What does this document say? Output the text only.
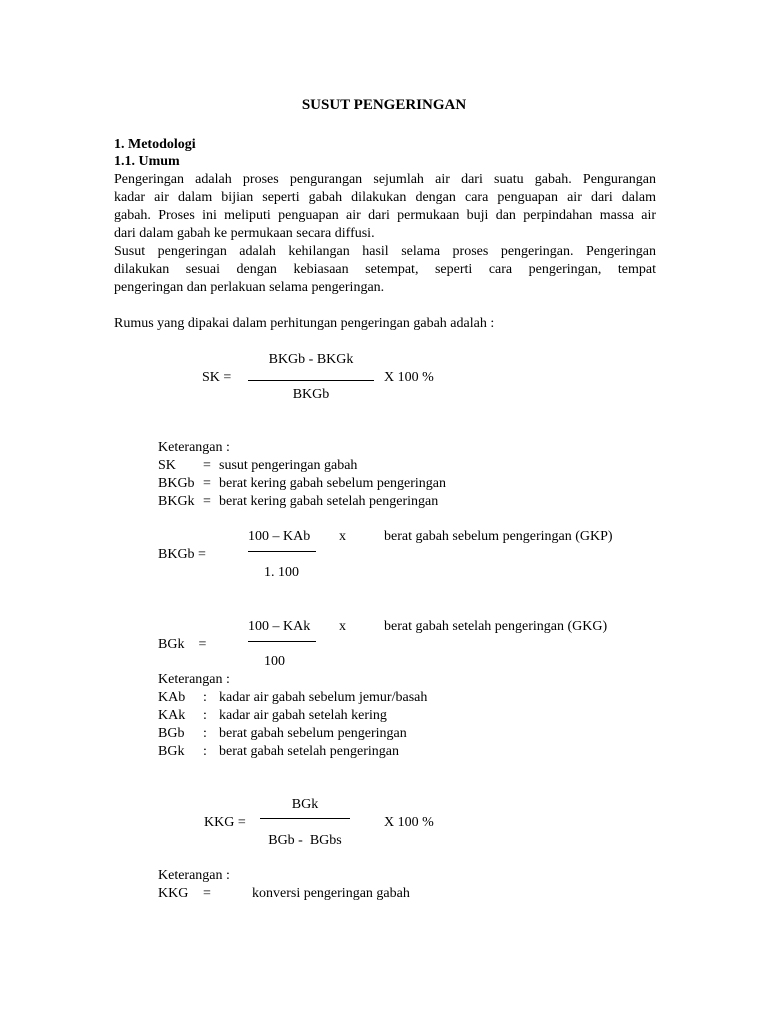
SUSUT PENGERINGAN
1. Metodologi
1.1. Umum
Pengeringan adalah proses pengurangan sejumlah air dari suatu gabah. Pengurangan
kadar air dalam bijian seperti gabah dilakukan dengan cara penguapan air dari dalam
gabah. Proses ini meliputi penguapan air dari permukaan buji dan perpindahan massa air
dari dalam gabah ke permukaan secara diffusi.
Susut pengeringan adalah kehilangan hasil selama proses pengeringan. Pengeringan
dilakukan sesuai dengan kebiasaan setempat, seperti cara pengeringan, tempat
pengeringan dan perlakuan selama pengeringan.
Rumus yang dipakai dalam perhitungan pengeringan gabah adalah :
BKGb - BKGk
SK =	X 100 %
BKGb
Keterangan :
SK = susut pengeringan gabah
BKGb = berat kering gabah sebelum pengeringan
BKGk = berat kering gabah setelah pengeringan
100 – KAb x	berat gabah sebelum pengeringan (GKP)
BKGb =
1. 100
100 – KAk x	berat gabah setelah pengeringan (GKG)
BGk    =
100
Keterangan :
KAb : kadar air gabah sebelum jemur/basah
KAk : kadar air gabah setelah kering
BGb : berat gabah sebelum pengeringan
BGk : berat gabah setelah pengeringan
BGk
KKG =	X 100 %
BGb -  BGbs
Keterangan :
KKG =	konversi pengeringan gabah
